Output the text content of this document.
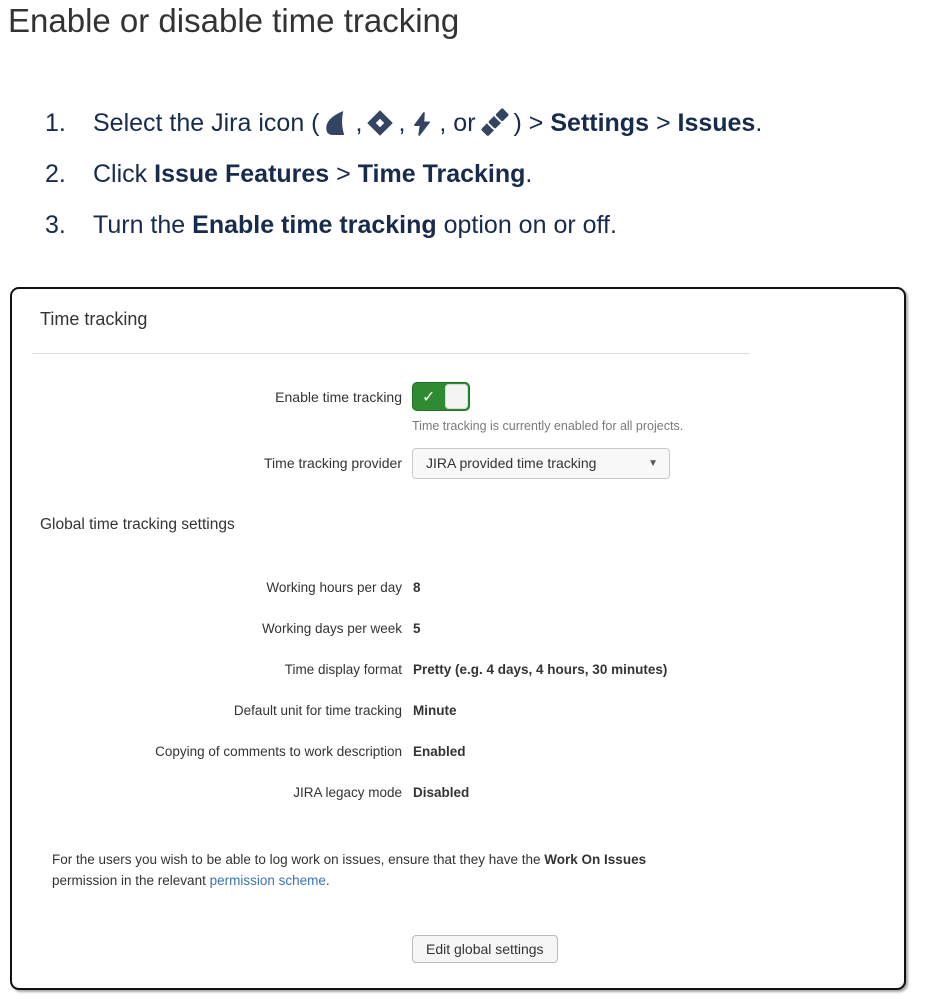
Enable or disable time tracking
1. Select the Jira icon ( , , , or ) > Settings > Issues.
2. Click Issue Features > Time Tracking.
3. Turn the Enable time tracking option on or off.
Time tracking
Enable time tracking ✓
Time tracking is currently enabled for all projects.
Time tracking provider	JIRA provided time tracking	▼
Global time tracking settings
Working hours per day 8
Working days per week 5
Time display format Pretty (e.g. 4 days, 4 hours, 30 minutes)
Default unit for time tracking Minute
Copying of comments to work description Enabled
JIRA legacy mode Disabled

For the users you wish to be able to log work on issues, ensure that they have the Work On Issues permission in the relevant permission scheme.

Edit global settings
